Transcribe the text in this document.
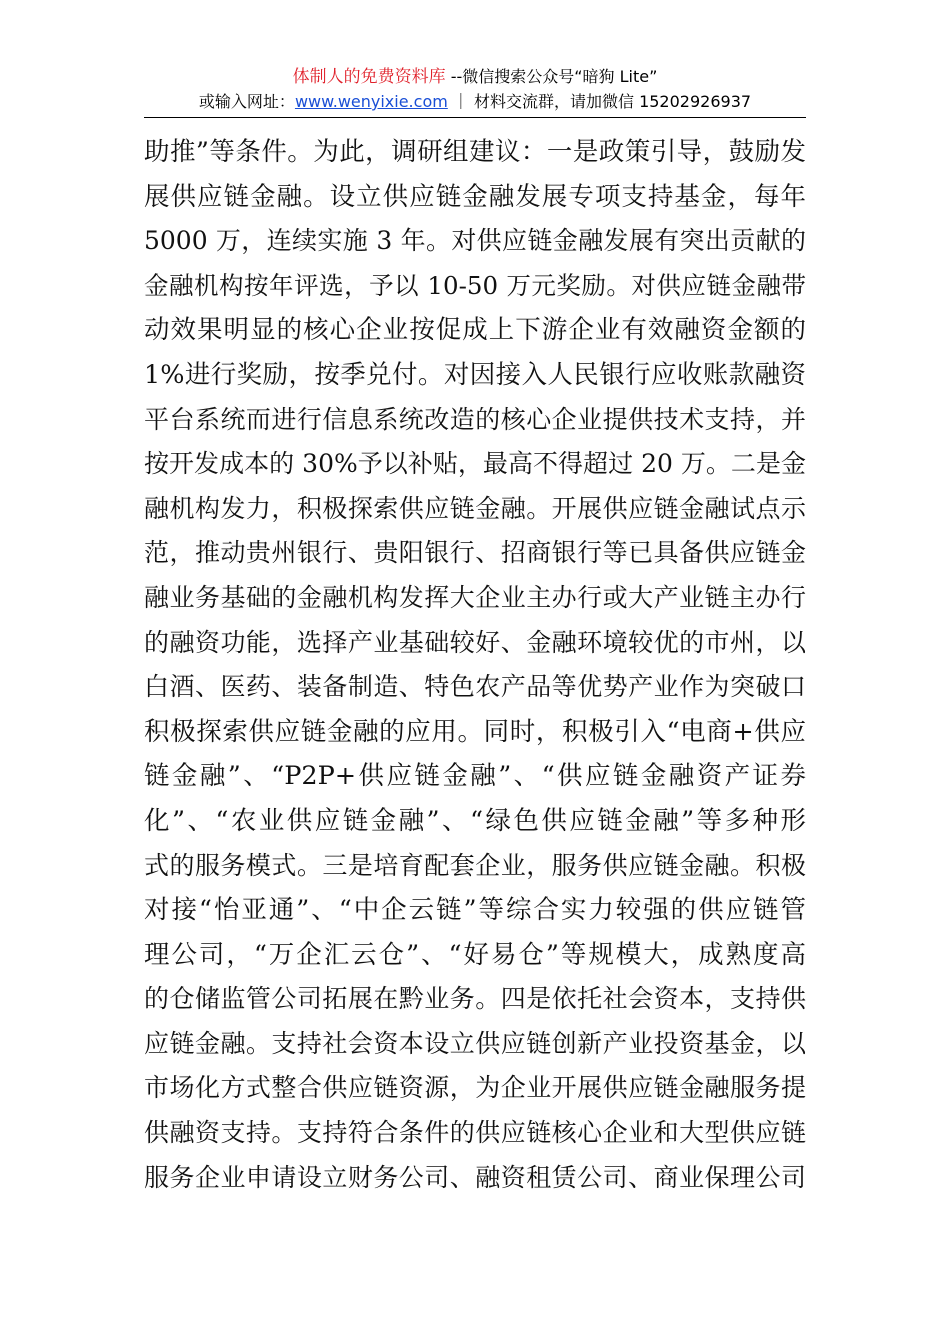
体制人的免费资料库 --微信搜索公众号“暗狗 Lite”
或输入网址：www.wenyixie.com ｜ 材料交流群，请加微信 15202926937
助推”等条件。为此，调研组建议：一是政策引导，鼓励发
展供应链金融。设立供应链金融发展专项支持基金，每年
5000 万，连续实施 3 年。对供应链金融发展有突出贡献的
金融机构按年评选，予以 10-50 万元奖励。对供应链金融带
动效果明显的核心企业按促成上下游企业有效融资金额的
1%进行奖励，按季兑付。对因接入人民银行应收账款融资
平台系统而进行信息系统改造的核心企业提供技术支持，并
按开发成本的 30%予以补贴，最高不得超过 20 万。二是金
融机构发力，积极探索供应链金融。开展供应链金融试点示
范，推动贵州银行、贵阳银行、招商银行等已具备供应链金
融业务基础的金融机构发挥大企业主办行或大产业链主办行
的融资功能，选择产业基础较好、金融环境较优的市州，以
白酒、医药、装备制造、特色农产品等优势产业作为突破口
积极探索供应链金融的应用。同时，积极引入“电商+供应
链金融”、“P2P+供应链金融”、“供应链金融资产证券
化”、“农业供应链金融”、“绿色供应链金融”等多种形
式的服务模式。三是培育配套企业，服务供应链金融。积极
对接“怡亚通”、“中企云链”等综合实力较强的供应链管
理公司，“万企汇云仓”、“好易仓”等规模大，成熟度高
的仓储监管公司拓展在黔业务。四是依托社会资本，支持供
应链金融。支持社会资本设立供应链创新产业投资基金，以
市场化方式整合供应链资源，为企业开展供应链金融服务提
供融资支持。支持符合条件的供应链核心企业和大型供应链
服务企业申请设立财务公司、融资租赁公司、商业保理公司
